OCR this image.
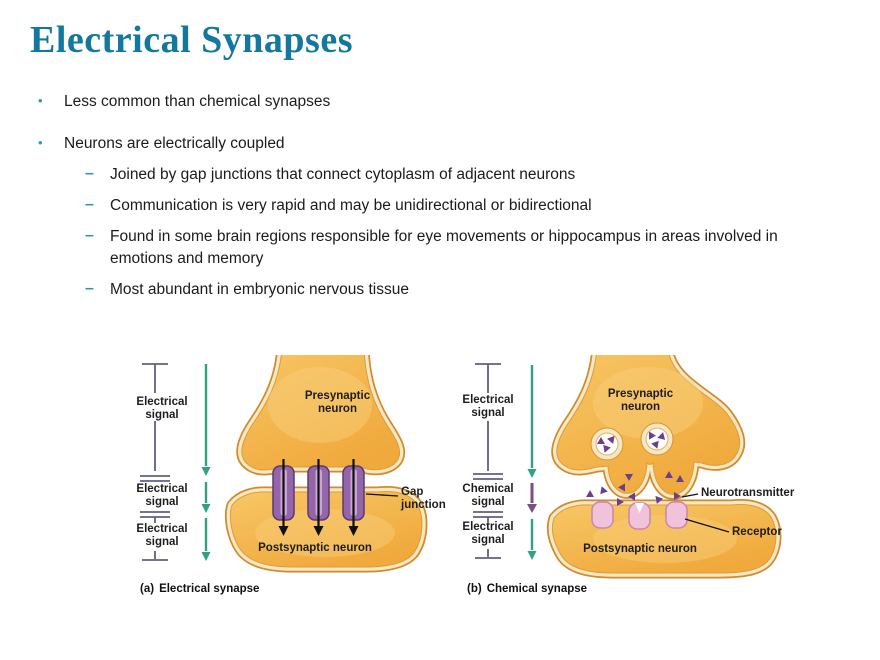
Electrical Synapses
•	Less common than chemical synapses
•	Neurons are electrically coupled
–	Joined by gap junctions that connect cytoplasm of adjacent neurons
–	Communication is very rapid and may be unidirectional or bidirectional
–	Found in some brain regions responsible for eye movements or hippocampus in areas involved in emotions and memory
–	Most abundant in embryonic nervous tissue
Electrical signal
Electrical signal
Electrical signal
Presynaptic neuron
Postsynaptic neuron
Gap junction
(a) Electrical synapse
Electrical signal
Chemical signal
Electrical signal
Presynaptic neuron
Postsynaptic neuron
Neurotransmitter
Receptor
(b) Chemical synapse
